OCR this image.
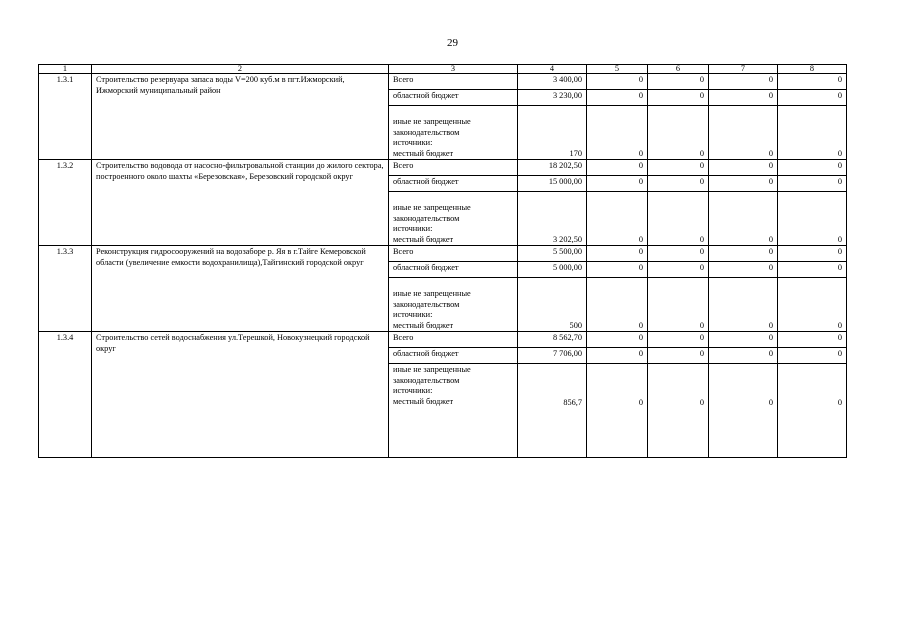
29
1	2	3	4	5	6	7	8
1.3.1	Строительство резервуара запаса воды V=200 куб.м в пгт.Ижморский, Ижморский муниципальный район	Всего	3 400,00	0	0	0	0
		областной бюджет	3 230,00	0	0	0	0

		иные не запрещенные
законодательством
источники:
местный бюджет	170	0	0	0	0
1.3.2	Строительство водовода от насосно-фильтровальной станции до жилого сектора, построенного около шахты «Березовская», Березовский городской округ	Всего	18 202,50	0	0	0	0
		областной бюджет	15 000,00	0	0	0	0

		иные не запрещенные
законодательством
источники:
местный бюджет	3 202,50	0	0	0	0
1.3.3	Реконструкция гидросооружений на водозаборе р. Яя в г.Тайге Кемеровской области (увеличение емкости водохранилища),Тайгинский городской округ	Всего	5 500,00	0	0	0	0
		областной бюджет	5 000,00	0	0	0	0

		иные не запрещенные
законодательством
источники:
местный бюджет	500	0	0	0	0
1.3.4	Строительство сетей водоснабжения ул.Терешкой, Новокузнецкий городской округ	Всего	8 562,70	0	0	0	0
		областной бюджет	7 706,00	0	0	0	0

		иные не запрещенные
законодательством
источники:
местный бюджет	856,7	0	0	0	0
